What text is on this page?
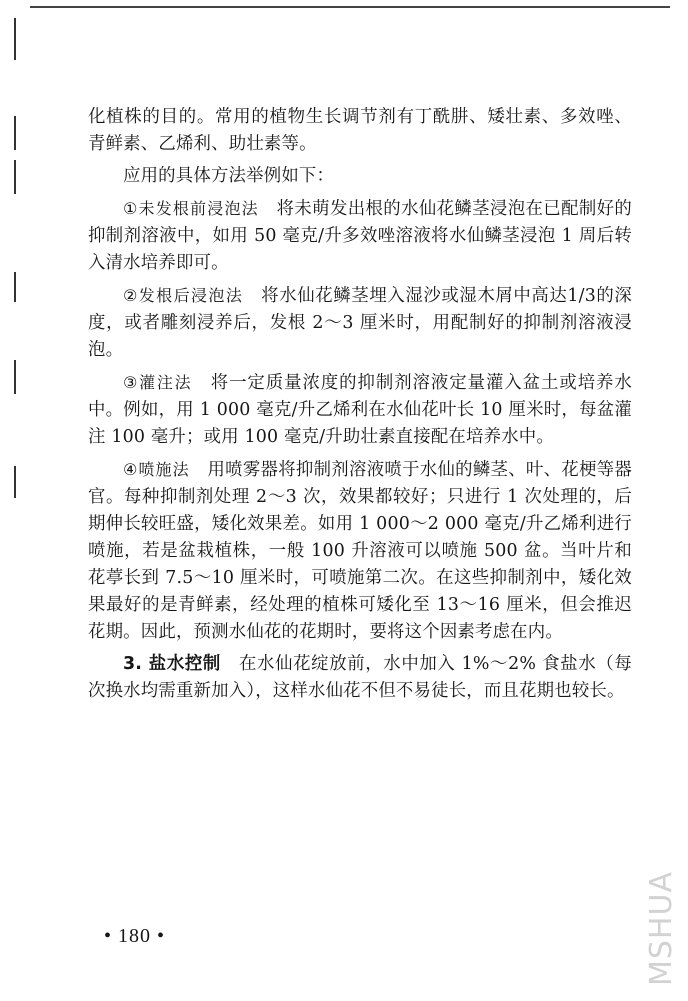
化植株的目的。常用的植物生长调节剂有丁酰肼、矮壮素、多效唑、青鲜素、乙烯利、助壮素等。

应用的具体方法举例如下：

①未发根前浸泡法　将未萌发出根的水仙花鳞茎浸泡在已配制好的抑制剂溶液中，如用 50 毫克/升多效唑溶液将水仙鳞茎浸泡 1 周后转入清水培养即可。

②发根后浸泡法　将水仙花鳞茎埋入湿沙或湿木屑中高达1/3的深度，或者雕刻浸养后，发根 2～3 厘米时，用配制好的抑制剂溶液浸泡。

③灌注法　将一定质量浓度的抑制剂溶液定量灌入盆土或培养水中。例如，用 1 000 毫克/升乙烯利在水仙花叶长 10 厘米时，每盆灌注 100 毫升；或用 100 毫克/升助壮素直接配在培养水中。

④喷施法　用喷雾器将抑制剂溶液喷于水仙的鳞茎、叶、花梗等器官。每种抑制剂处理 2～3 次，效果都较好；只进行 1 次处理的，后期伸长较旺盛，矮化效果差。如用 1 000～2 000 毫克/升乙烯利进行喷施，若是盆栽植株，一般 100 升溶液可以喷施 500 盆。当叶片和花葶长到 7.5～10 厘米时，可喷施第二次。在这些抑制剂中，矮化效果最好的是青鲜素，经处理的植株可矮化至 13～16 厘米，但会推迟花期。因此，预测水仙花的花期时，要将这个因素考虑在内。

3. 盐水控制　在水仙花绽放前，水中加入 1%～2% 食盐水（每次换水均需重新加入），这样水仙花不但不易徒长，而且花期也较长。

• 180 •	MSHUA
